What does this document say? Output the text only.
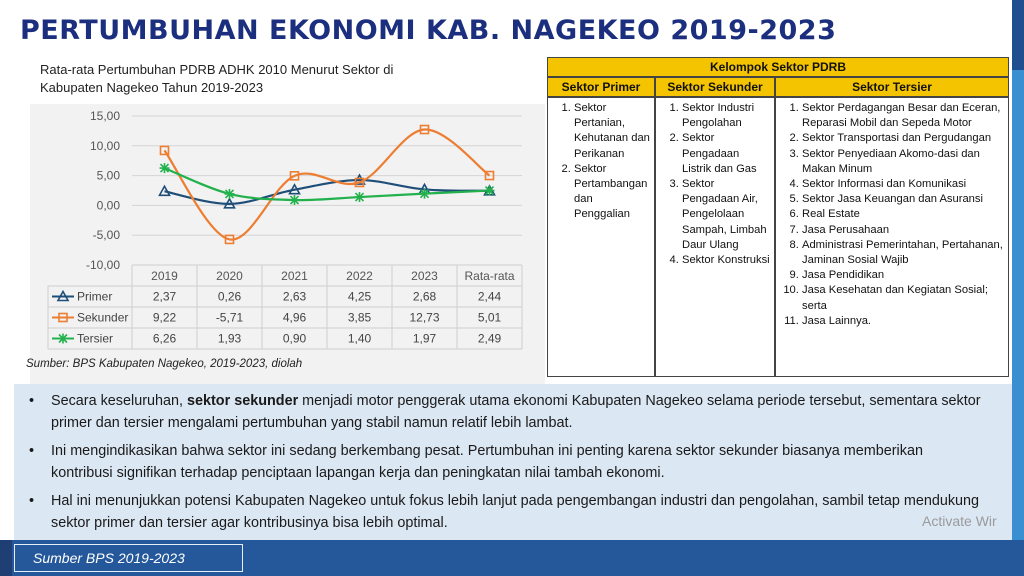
PERTUMBUHAN EKONOMI KAB. NAGEKEO 2019-2023
Rata-rata Pertumbuhan PDRB ADHK 2010 Menurut Sektor di
Kabupaten Nagekeo Tahun 2019-2023
15,00
10,00
5,00
0,00
-5,00
-10,00
2019	2020	2021	2022	2023 Rata-rata
Primer	2,37	0,26	2,63	4,25	2,68	2,44
Sekunder 9,22	-5,71	4,96	3,85	12,73	5,01
Tersier	6,26	1,93	0,90	1,40	1,97	2,49
Sumber: BPS Kabupaten Nagekeo, 2019-2023, diolah
Kelompok Sektor PDRB
Sektor Primer	Sektor Sekunder	Sektor Tersier
1. Sektor Pertanian, Kehutanan dan Perikanan
2. Sektor Pertambangan dan Penggalian
1. Sektor Industri Pengolahan
2. Sektor Pengadaan Listrik dan Gas
3. Sektor Pengadaan Air, Pengelolaan Sampah, Limbah Daur Ulang
4. Sektor Konstruksi
1. Sektor Perdagangan Besar dan Eceran, Reparasi Mobil dan Sepeda Motor
2. Sektor Transportasi dan Pergudangan
3. Sektor Penyediaan Akomo-dasi dan Makan Minum
4. Sektor Informasi dan Komunikasi
5. Sektor Jasa Keuangan dan Asuransi
6. Real Estate
7. Jasa Perusahaan
8. Administrasi Pemerintahan, Pertahanan, Jaminan Sosial Wajib
9. Jasa Pendidikan
10. Jasa Kesehatan dan Kegiatan Sosial; serta
11. Jasa Lainnya.
• Secara keseluruhan, sektor sekunder menjadi motor penggerak utama ekonomi Kabupaten Nagekeo selama periode tersebut, sementara sektor primer dan tersier mengalami pertumbuhan yang stabil namun relatif lebih lambat.
• Ini mengindikasikan bahwa sektor ini sedang berkembang pesat. Pertumbuhan ini penting karena sektor sekunder biasanya memberikan kontribusi signifikan terhadap penciptaan lapangan kerja dan peningkatan nilai tambah ekonomi.
• Hal ini menunjukkan potensi Kabupaten Nagekeo untuk fokus lebih lanjut pada pengembangan industri dan pengolahan, sambil tetap mendukung sektor primer dan tersier agar kontribusinya bisa lebih optimal.	Activate Wir
Sumber BPS 2019-2023
